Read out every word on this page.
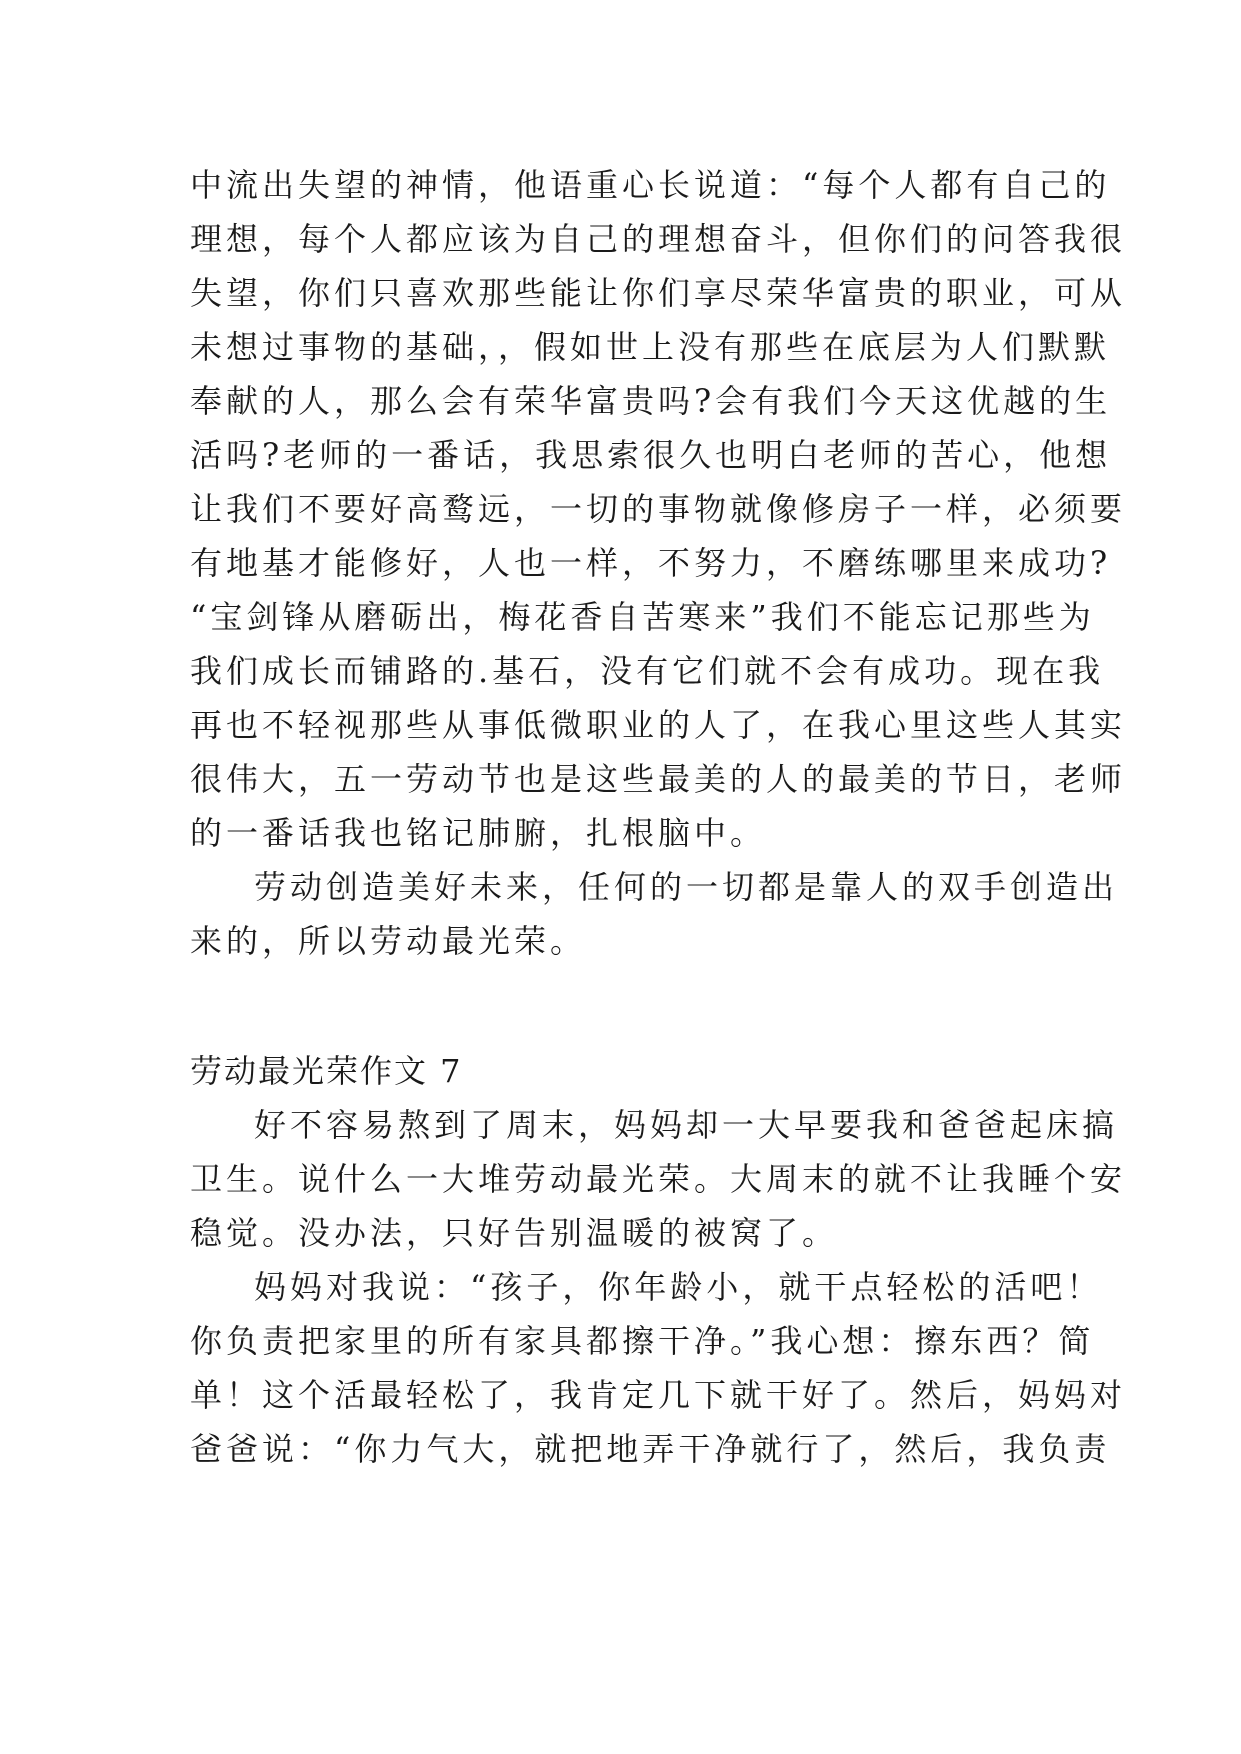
中流出失望的神情，他语重心长说道：“每个人都有自己的
理想，每个人都应该为自己的理想奋斗，但你们的问答我很
失望，你们只喜欢那些能让你们享尽荣华富贵的职业，可从
未想过事物的基础，，假如世上没有那些在底层为人们默默
奉献的人，那么会有荣华富贵吗?会有我们今天这优越的生
活吗?老师的一番话，我思索很久也明白老师的苦心，他想
让我们不要好高鹜远，一切的事物就像修房子一样，必须要
有地基才能修好，人也一样，不努力，不磨练哪里来成功?
“宝剑锋从磨砺出，梅花香自苦寒来”我们不能忘记那些为
我们成长而铺路的.基石，没有它们就不会有成功。现在我
再也不轻视那些从事低微职业的人了，在我心里这些人其实
很伟大，五一劳动节也是这些最美的人的最美的节日，老师
的一番话我也铭记肺腑，扎根脑中。
劳动创造美好未来，任何的一切都是靠人的双手创造出
来的，所以劳动最光荣。
劳动最光荣作文 7
好不容易熬到了周末，妈妈却一大早要我和爸爸起床搞
卫生。说什么一大堆劳动最光荣。大周末的就不让我睡个安
稳觉。没办法，只好告别温暖的被窝了。
妈妈对我说：“孩子，你年龄小，就干点轻松的活吧！
你负责把家里的所有家具都擦干净。”我心想：擦东西？简
单！这个活最轻松了，我肯定几下就干好了。然后，妈妈对
爸爸说：“你力气大，就把地弄干净就行了，然后，我负责
